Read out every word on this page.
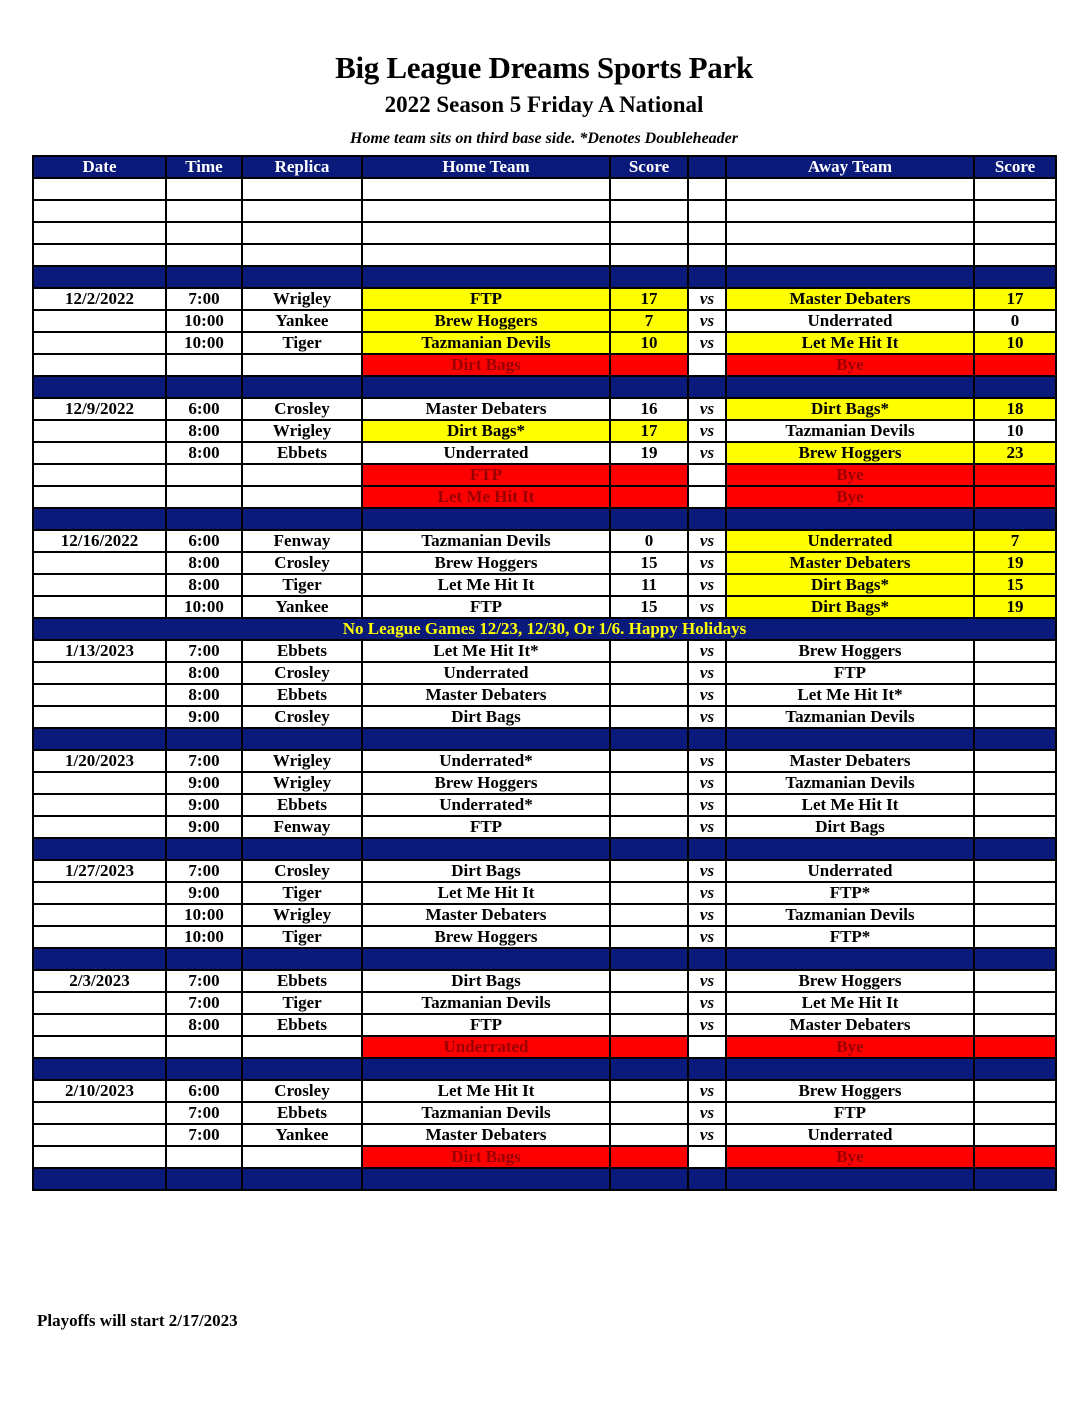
Big League Dreams Sports Park
2022 Season 5 Friday A National
Home team sits on third base side. *Denotes Doubleheader
Date	Time	Replica	Home Team	Score		Away Team	Score

12/2/2022	7:00	Wrigley	FTP	17	vs	Master Debaters	17
	10:00	Yankee	Brew Hoggers	7	vs	Underrated	0
	10:00	Tiger	Tazmanian Devils	10	vs	Let Me Hit It	10
			Dirt Bags			Bye	

12/9/2022	6:00	Crosley	Master Debaters	16	vs	Dirt Bags*	18
	8:00	Wrigley	Dirt Bags*	17	vs	Tazmanian Devils	10
	8:00	Ebbets	Underrated	19	vs	Brew Hoggers	23
			FTP			Bye	
			Let Me Hit It			Bye	

12/16/2022	6:00	Fenway	Tazmanian Devils	0	vs	Underrated	7
	8:00	Crosley	Brew Hoggers	15	vs	Master Debaters	19
	8:00	Tiger	Let Me Hit It	11	vs	Dirt Bags*	15
	10:00	Yankee	FTP	15	vs	Dirt Bags*	19
No League Games 12/23, 12/30, Or 1/6. Happy Holidays							
1/13/2023	7:00	Ebbets	Let Me Hit It*		vs	Brew Hoggers	
	8:00	Crosley	Underrated		vs	FTP	
	8:00	Ebbets	Master Debaters		vs	Let Me Hit It*	
	9:00	Crosley	Dirt Bags		vs	Tazmanian Devils	

1/20/2023	7:00	Wrigley	Underrated*		vs	Master Debaters	
	9:00	Wrigley	Brew Hoggers		vs	Tazmanian Devils	
	9:00	Ebbets	Underrated*		vs	Let Me Hit It	
	9:00	Fenway	FTP		vs	Dirt Bags	

1/27/2023	7:00	Crosley	Dirt Bags		vs	Underrated	
	9:00	Tiger	Let Me Hit It		vs	FTP*	
	10:00	Wrigley	Master Debaters		vs	Tazmanian Devils	
	10:00	Tiger	Brew Hoggers		vs	FTP*	

2/3/2023	7:00	Ebbets	Dirt Bags		vs	Brew Hoggers	
	7:00	Tiger	Tazmanian Devils		vs	Let Me Hit It	
	8:00	Ebbets	FTP		vs	Master Debaters	
			Underrated			Bye	

2/10/2023	6:00	Crosley	Let Me Hit It		vs	Brew Hoggers	
	7:00	Ebbets	Tazmanian Devils		vs	FTP	
	7:00	Yankee	Master Debaters		vs	Underrated	
			Dirt Bags			Bye	

Playoffs will start 2/17/2023
